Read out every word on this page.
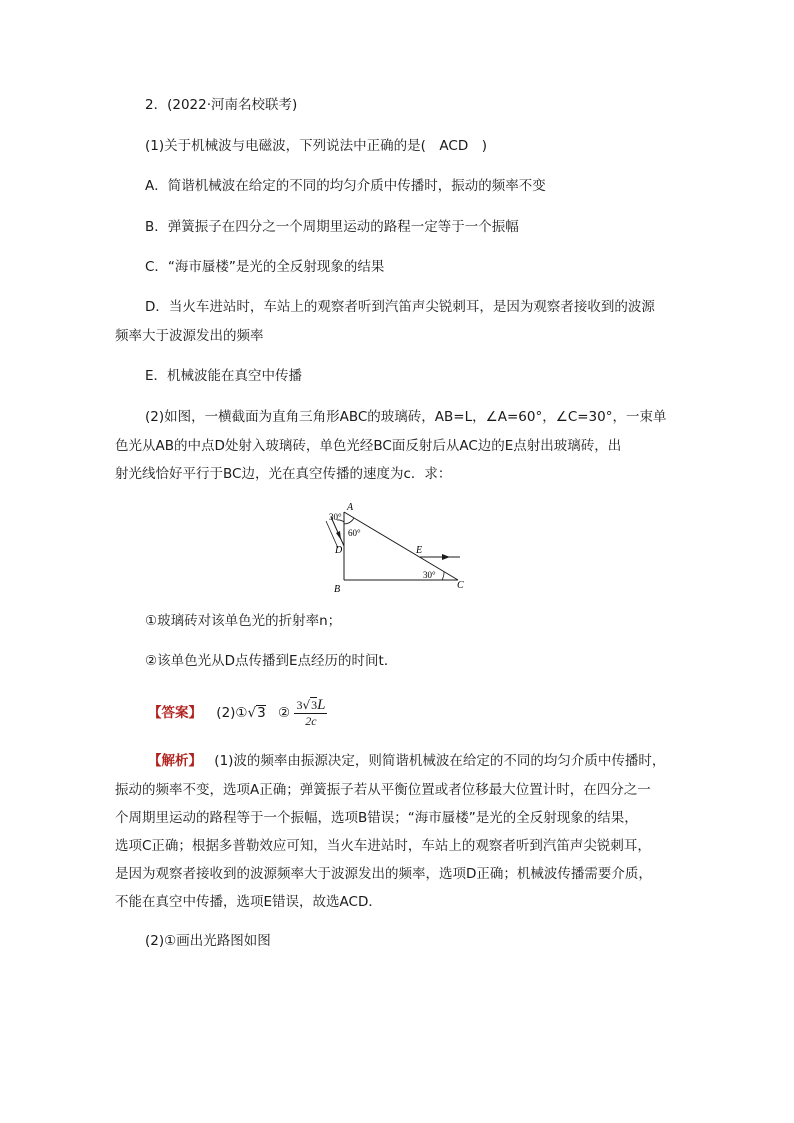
2．(2022·河南名校联考)
(1)关于机械波与电磁波，下列说法中正确的是(　ACD　)
A．简谐机械波在给定的不同的均匀介质中传播时，振动的频率不变
B．弹簧振子在四分之一个周期里运动的路程一定等于一个振幅
C．“海市蜃楼”是光的全反射现象的结果
D．当火车进站时，车站上的观察者听到汽笛声尖锐刺耳，是因为观察者接收到的波源
频率大于波源发出的频率
E．机械波能在真空中传播
(2)如图，一横截面为直角三角形ABC的玻璃砖，AB=L，∠A=60°，∠C=30°，一束单
色光从AB的中点D处射入玻璃砖，单色光经BC面反射后从AC边的E点射出玻璃砖，出
射光线恰好平行于BC边，光在真空传播的速度为c．求：
A
B	C
D	E
30°
60°
30°
①玻璃砖对该单色光的折射率n；
②该单色光从D点传播到E点经历的时间t．
【答案】 (2)①√3 ② $\frac{3√3L}{2c}$
【解析】 (1)波的频率由振源决定，则简谐机械波在给定的不同的均匀介质中传播时，
振动的频率不变，选项A正确；弹簧振子若从平衡位置或者位移最大位置计时，在四分之一
个周期里运动的路程等于一个振幅，选项B错误；“海市蜃楼”是光的全反射现象的结果，
选项C正确；根据多普勒效应可知，当火车进站时，车站上的观察者听到汽笛声尖锐刺耳，
是因为观察者接收到的波源频率大于波源发出的频率，选项D正确；机械波传播需要介质，
不能在真空中传播，选项E错误，故选ACD．
(2)①画出光路图如图
